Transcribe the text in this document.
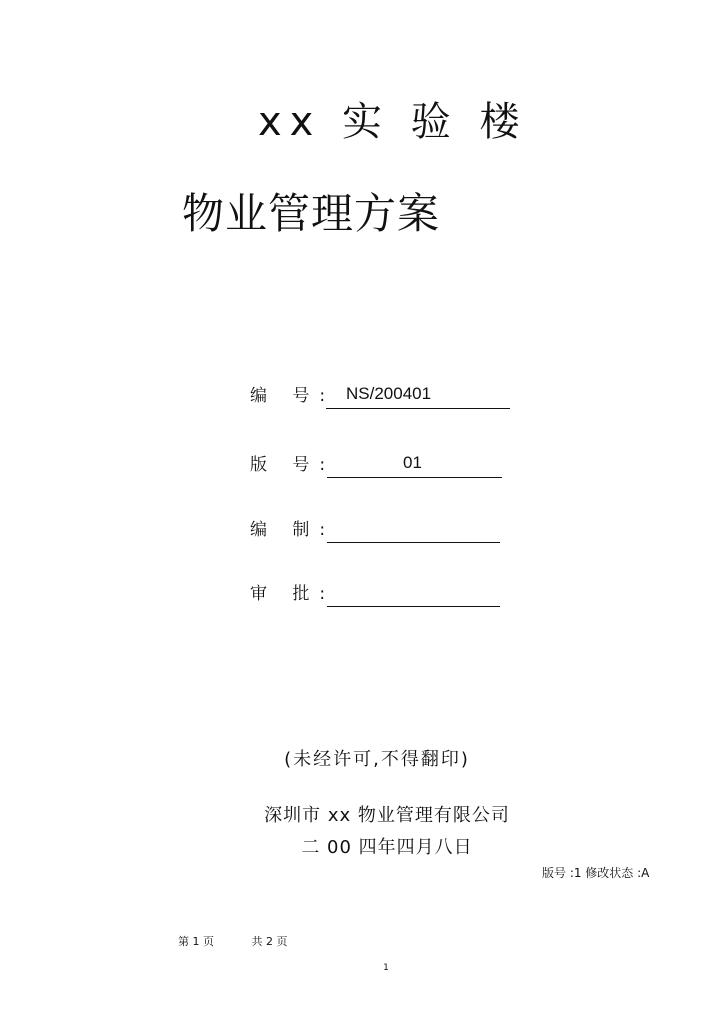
xx 实 验 楼
物业管理方案
编 号: NS/200401
版 号:	01
编 制:
审 批:
(未经许可,不得翻印)
深圳市 xx 物业管理有限公司
二 00 四年四月八日
版号 :1 修改状态 :A
第 1 页	共 2 页
1
